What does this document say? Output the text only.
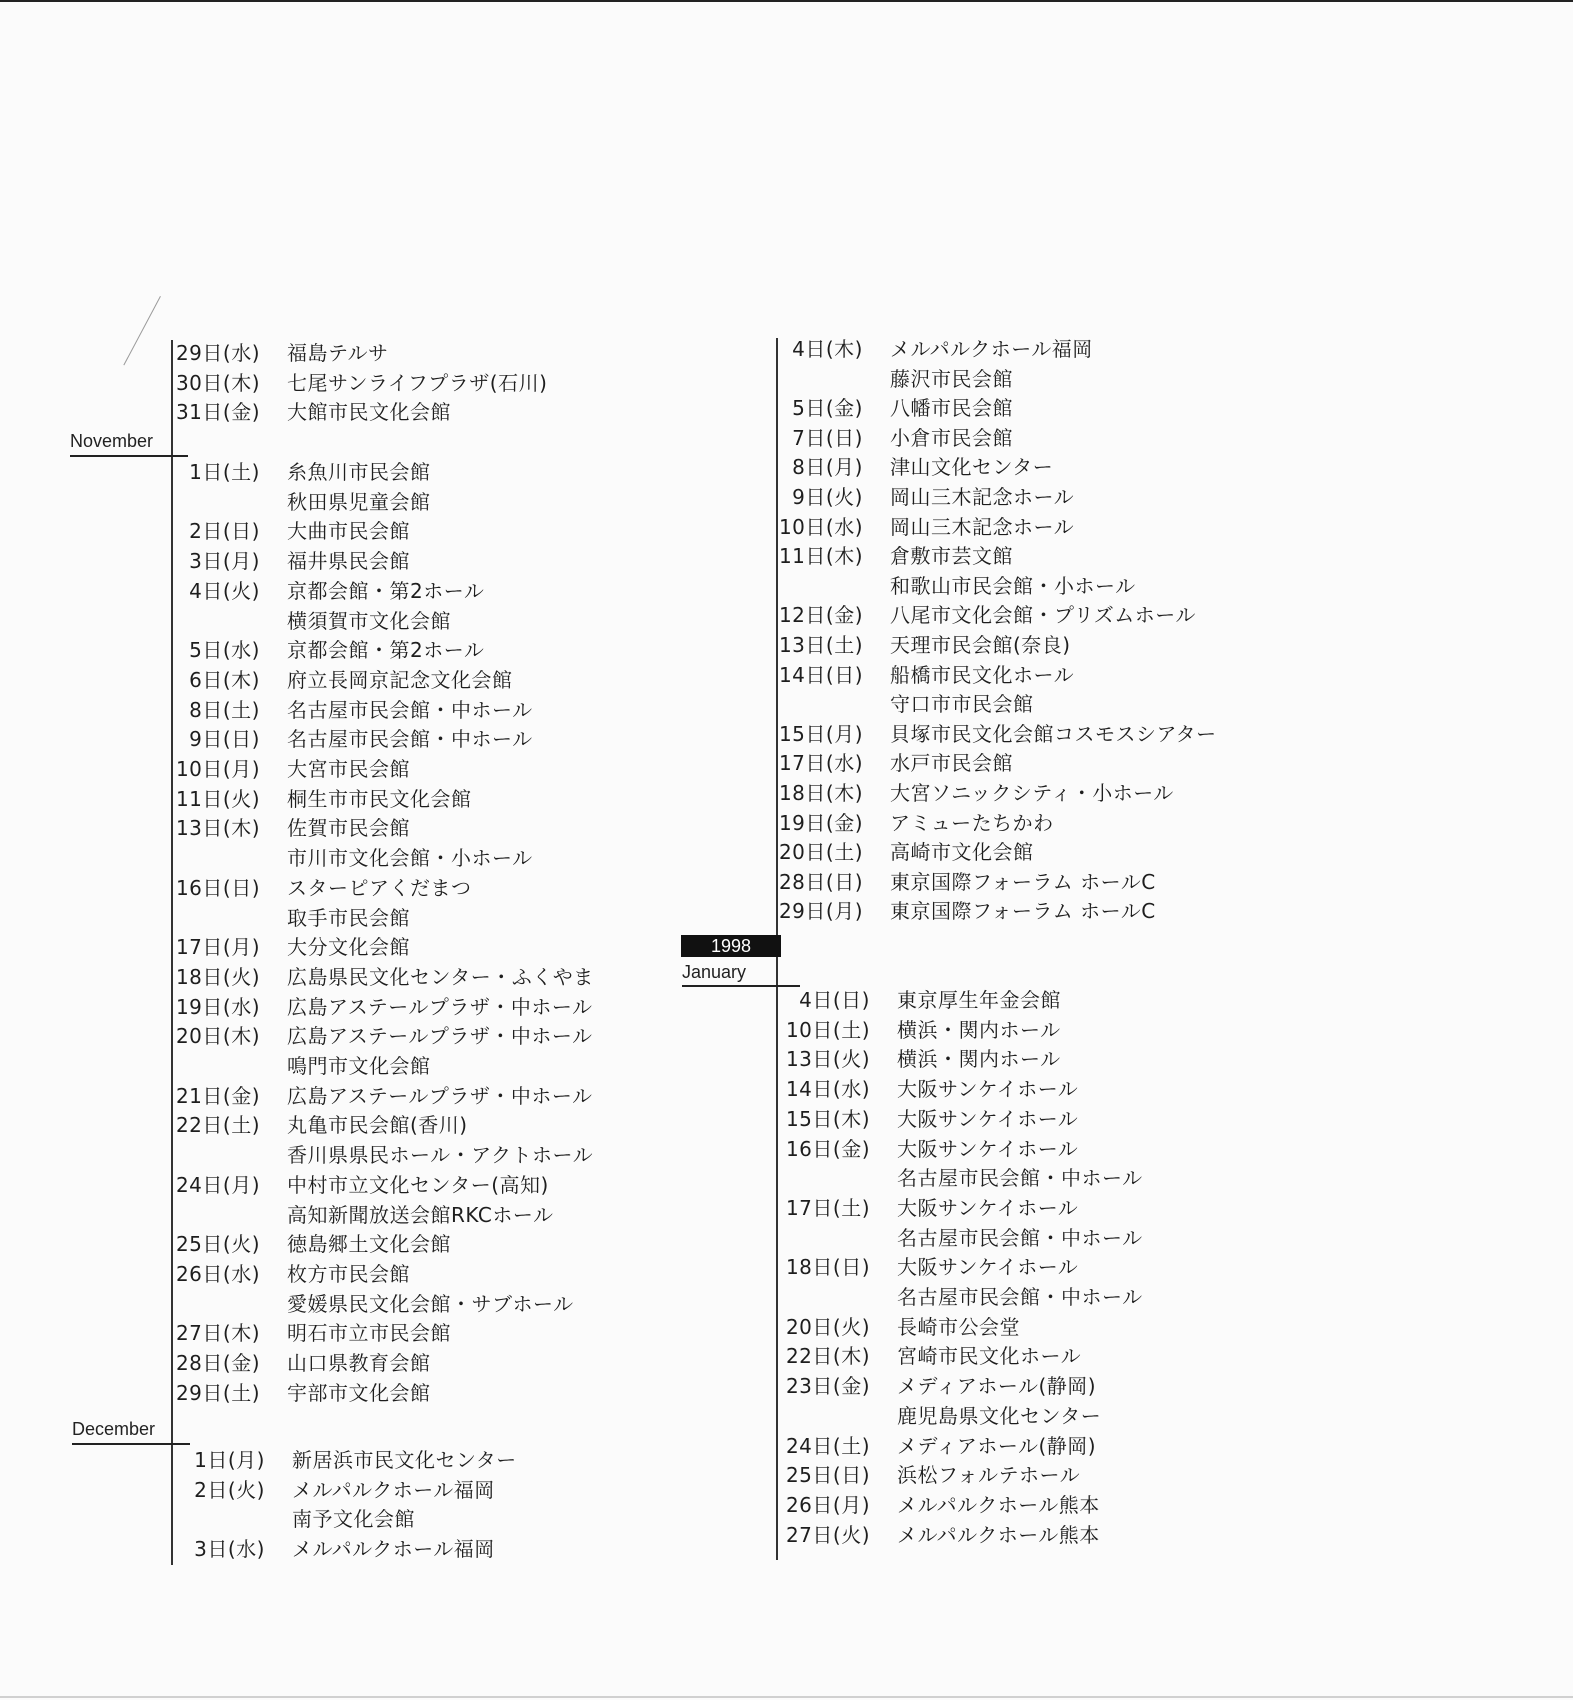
29日(水) 福島テルサ
30日(木) 七尾サンライフプラザ(石川)
31日(金) 大館市民文化会館
November
1日(土) 糸魚川市民会館
秋田県児童会館
2日(日) 大曲市民会館
3日(月) 福井県民会館
4日(火) 京都会館・第2ホール
横須賀市文化会館
5日(水) 京都会館・第2ホール
6日(木) 府立長岡京記念文化会館
8日(土) 名古屋市民会館・中ホール
9日(日) 名古屋市民会館・中ホール
10日(月) 大宮市民会館
11日(火) 桐生市市民文化会館
13日(木) 佐賀市民会館
市川市文化会館・小ホール
16日(日) スターピアくだまつ
取手市民会館
17日(月) 大分文化会館
18日(火) 広島県民文化センター・ふくやま
19日(水) 広島アステールプラザ・中ホール
20日(木) 広島アステールプラザ・中ホール
鳴門市文化会館
21日(金) 広島アステールプラザ・中ホール
22日(土) 丸亀市民会館(香川)
香川県県民ホール・アクトホール
24日(月) 中村市立文化センター(高知)
高知新聞放送会館RKCホール
25日(火) 徳島郷土文化会館
26日(水) 枚方市民会館
愛媛県民文化会館・サブホール
27日(木) 明石市立市民会館
28日(金) 山口県教育会館
29日(土) 宇部市文化会館
December
1日(月) 新居浜市民文化センター
2日(火) メルパルクホール福岡
南予文化会館
3日(水) メルパルクホール福岡
4日(木) メルパルクホール福岡
藤沢市民会館
5日(金) 八幡市民会館
7日(日) 小倉市民会館
8日(月) 津山文化センター
9日(火) 岡山三木記念ホール
10日(水) 岡山三木記念ホール
11日(木) 倉敷市芸文館
和歌山市民会館・小ホール
12日(金) 八尾市文化会館・プリズムホール
13日(土) 天理市民会館(奈良)
14日(日) 船橋市民文化ホール
守口市市民会館
15日(月) 貝塚市民文化会館コスモスシアター
17日(水) 水戸市民会館
18日(木) 大宮ソニックシティ・小ホール
19日(金) アミューたちかわ
20日(土) 高崎市文化会館
28日(日) 東京国際フォーラム ホールC
29日(月) 東京国際フォーラム ホールC
1998
January
4日(日) 東京厚生年金会館
10日(土) 横浜・関内ホール
13日(火) 横浜・関内ホール
14日(水) 大阪サンケイホール
15日(木) 大阪サンケイホール
16日(金) 大阪サンケイホール
名古屋市民会館・中ホール
17日(土) 大阪サンケイホール
名古屋市民会館・中ホール
18日(日) 大阪サンケイホール
名古屋市民会館・中ホール
20日(火) 長崎市公会堂
22日(木) 宮崎市民文化ホール
23日(金) メディアホール(静岡)
鹿児島県文化センター
24日(土) メディアホール(静岡)
25日(日) 浜松フォルテホール
26日(月) メルパルクホール熊本
27日(火) メルパルクホール熊本
